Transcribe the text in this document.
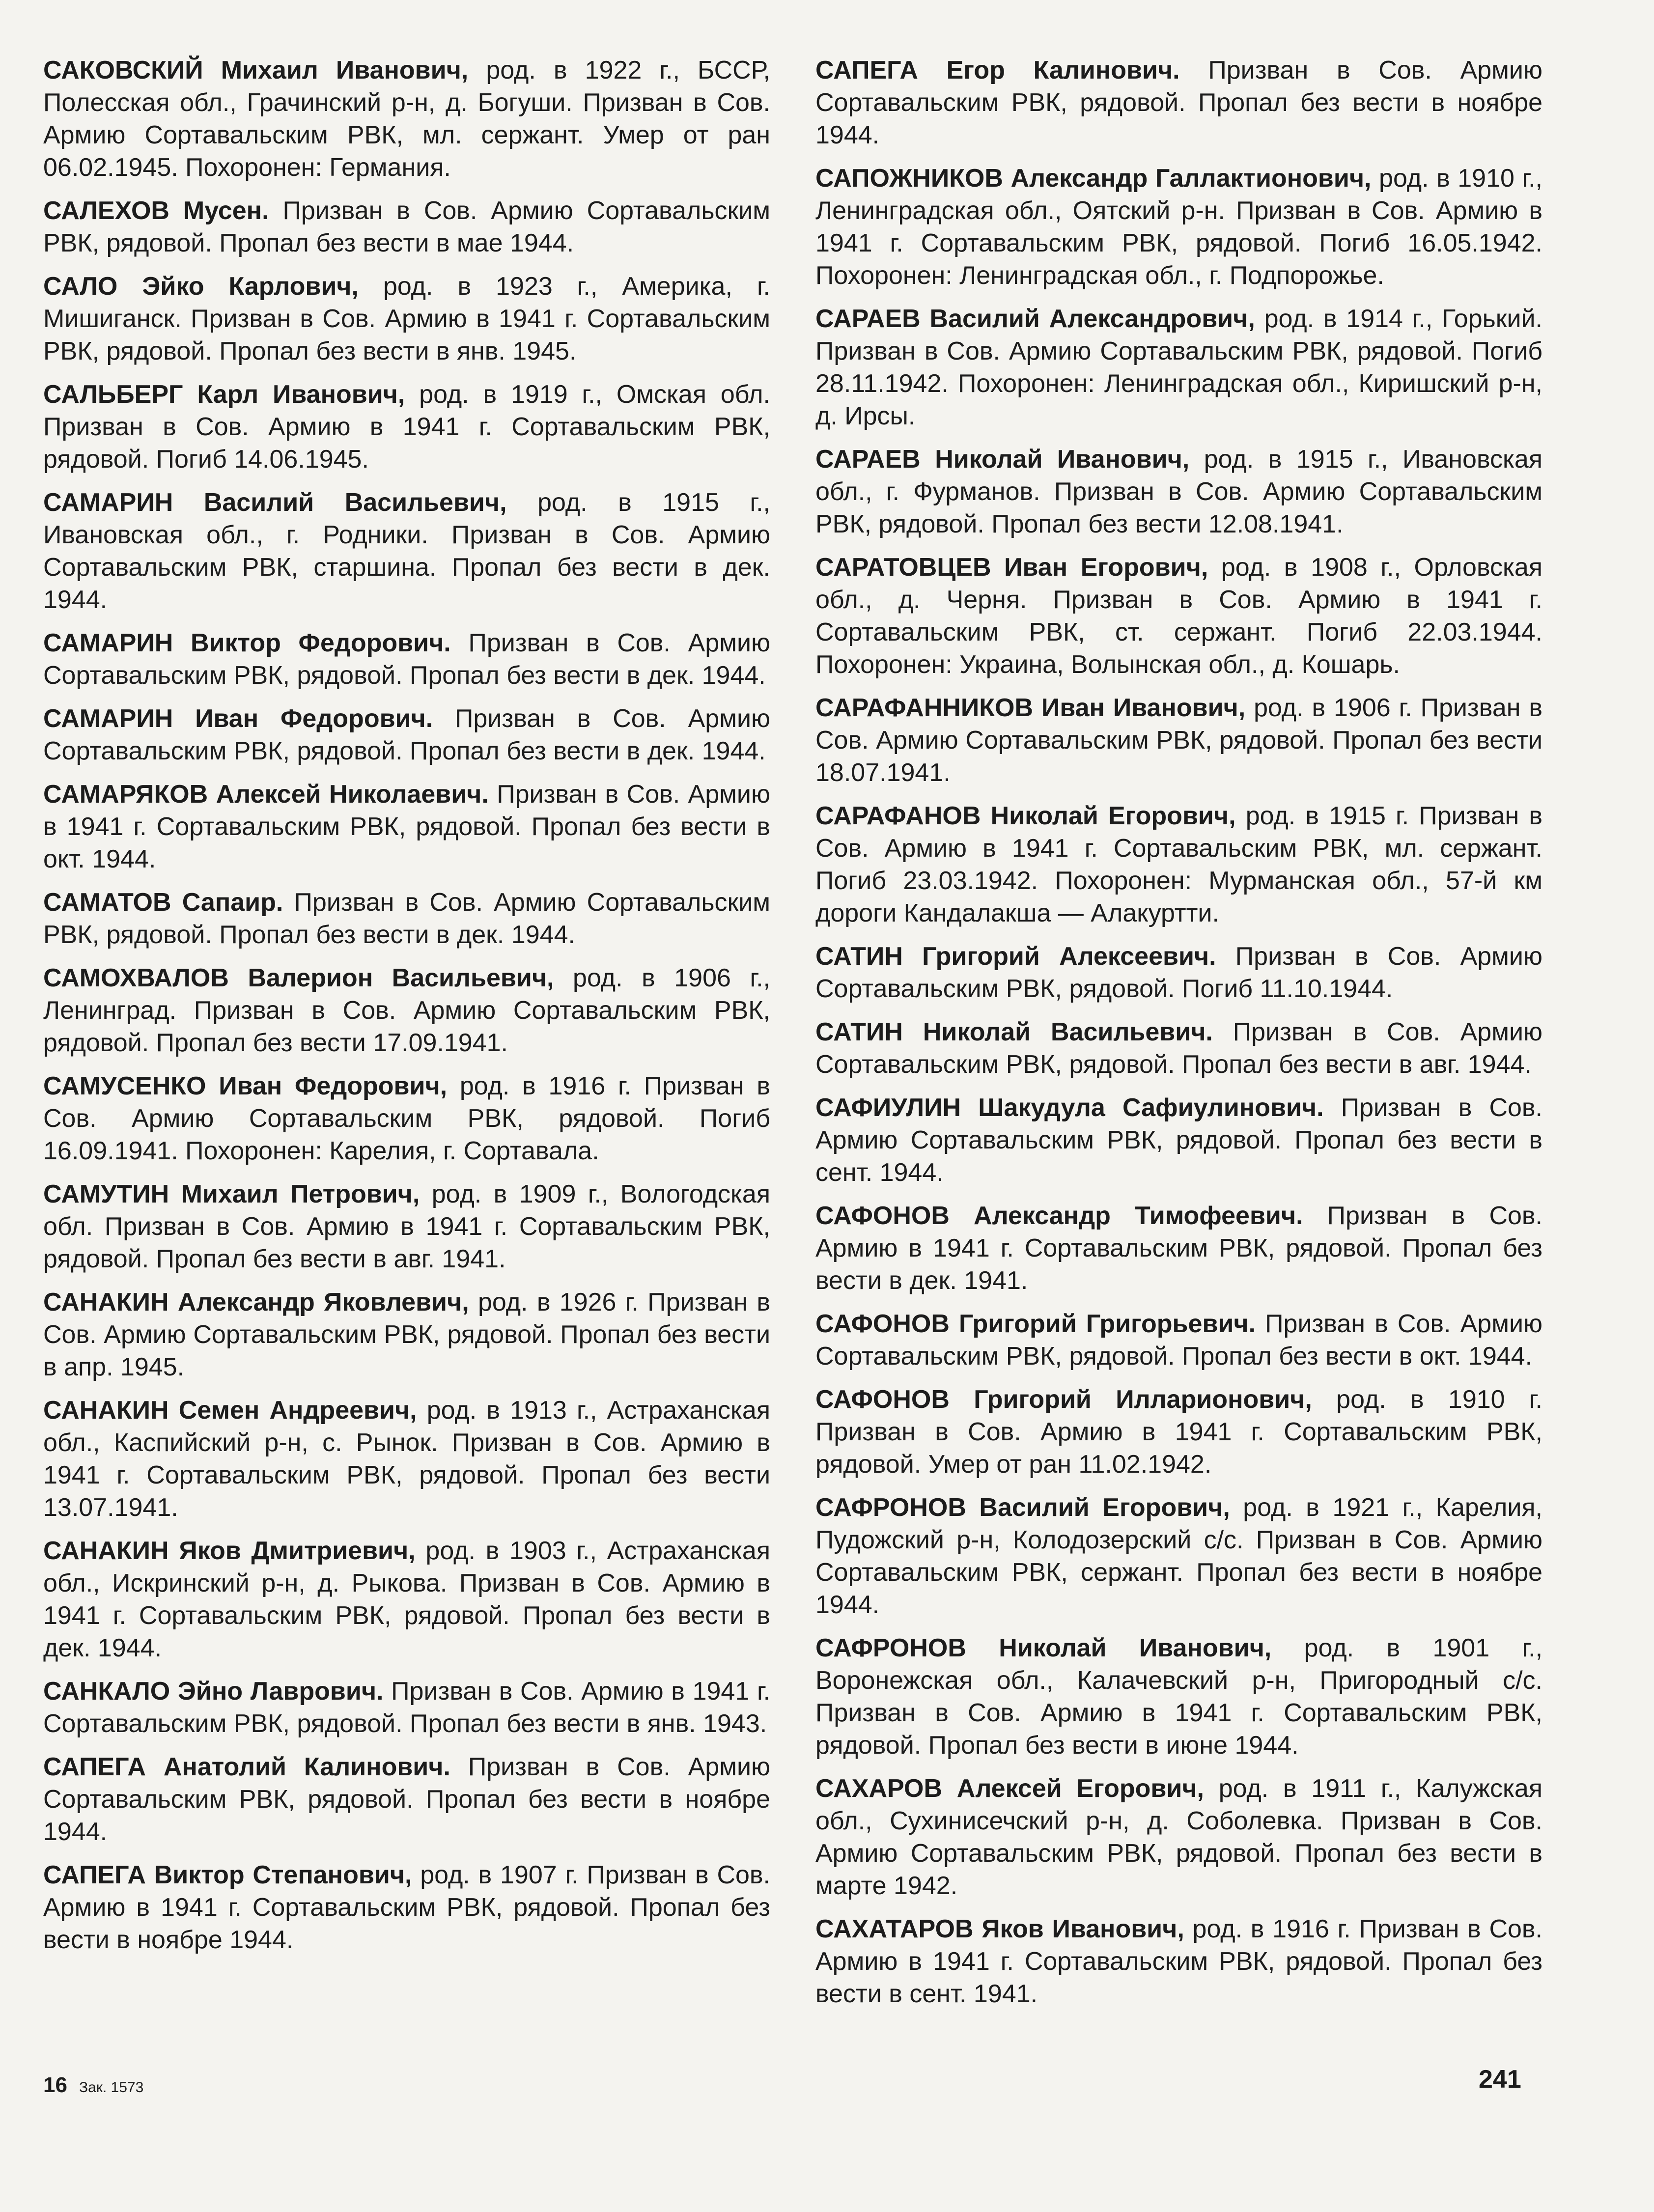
САКОВСКИЙ Михаил Иванович, род. в 1922 г., БССР, Полесская обл., Грачинский р-н, д. Богуши. Призван в Сов. Армию Сортавальским РВК, мл. сержант. Умер от ран 06.02.1945. Похоронен: Германия.

САЛЕХОВ Мусен. Призван в Сов. Армию Сортавальским РВК, рядовой. Пропал без вести в мае 1944.

САЛО Эйко Карлович, род. в 1923 г., Америка, г. Мишиганск. Призван в Сов. Армию в 1941 г. Сортавальским РВК, рядовой. Пропал без вести в янв. 1945.

САЛЬБЕРГ Карл Иванович, род. в 1919 г., Омская обл. Призван в Сов. Армию в 1941 г. Сортавальским РВК, рядовой. Погиб 14.06.1945.

САМАРИН Василий Васильевич, род. в 1915 г., Ивановская обл., г. Родники. Призван в Сов. Армию Сортавальским РВК, старшина. Пропал без вести в дек. 1944.

САМАРИН Виктор Федорович. Призван в Сов. Армию Сортавальским РВК, рядовой. Пропал без вести в дек. 1944.

САМАРИН Иван Федорович. Призван в Сов. Армию Сортавальским РВК, рядовой. Пропал без вести в дек. 1944.

САМАРЯКОВ Алексей Николаевич. Призван в Сов. Армию в 1941 г. Сортавальским РВК, рядовой. Пропал без вести в окт. 1944.

САМАТОВ Сапаир. Призван в Сов. Армию Сортавальским РВК, рядовой. Пропал без вести в дек. 1944.

САМОХВАЛОВ Валерион Васильевич, род. в 1906 г., Ленинград. Призван в Сов. Армию Сортавальским РВК, рядовой. Пропал без вести 17.09.1941.

САМУСЕНКО Иван Федорович, род. в 1916 г. Призван в Сов. Армию Сортавальским РВК, рядовой. Погиб 16.09.1941. Похоронен: Карелия, г. Сортавала.

САМУТИН Михаил Петрович, род. в 1909 г., Вологодская обл. Призван в Сов. Армию в 1941 г. Сортавальским РВК, рядовой. Пропал без вести в авг. 1941.

САНАКИН Александр Яковлевич, род. в 1926 г. Призван в Сов. Армию Сортавальским РВК, рядовой. Пропал без вести в апр. 1945.

САНАКИН Семен Андреевич, род. в 1913 г., Астраханская обл., Каспийский р-н, с. Рынок. Призван в Сов. Армию в 1941 г. Сортавальским РВК, рядовой. Пропал без вести 13.07.1941.

САНАКИН Яков Дмитриевич, род. в 1903 г., Астраханская обл., Искринский р-н, д. Рыкова. Призван в Сов. Армию в 1941 г. Сортавальским РВК, рядовой. Пропал без вести в дек. 1944.

САНКАЛО Эйно Лаврович. Призван в Сов. Армию в 1941 г. Сортавальским РВК, рядовой. Пропал без вести в янв. 1943.

САПЕГА Анатолий Калинович. Призван в Сов. Армию Сортавальским РВК, рядовой. Пропал без вести в ноябре 1944.

САПЕГА Виктор Степанович, род. в 1907 г. Призван в Сов. Армию в 1941 г. Сортавальским РВК, рядовой. Пропал без вести в ноябре 1944.

САПЕГА Егор Калинович. Призван в Сов. Армию Сортавальским РВК, рядовой. Пропал без вести в ноябре 1944.

САПОЖНИКОВ Александр Галлактионович, род. в 1910 г., Ленинградская обл., Оятский р-н. Призван в Сов. Армию в 1941 г. Сортавальским РВК, рядовой. Погиб 16.05.1942. Похоронен: Ленинградская обл., г. Подпорожье.

САРАЕВ Василий Александрович, род. в 1914 г., Горький. Призван в Сов. Армию Сортавальским РВК, рядовой. Погиб 28.11.1942. Похоронен: Ленинградская обл., Киришский р-н, д. Ирсы.

САРАЕВ Николай Иванович, род. в 1915 г., Ивановская обл., г. Фурманов. Призван в Сов. Армию Сортавальским РВК, рядовой. Пропал без вести 12.08.1941.

САРАТОВЦЕВ Иван Егорович, род. в 1908 г., Орловская обл., д. Черня. Призван в Сов. Армию в 1941 г. Сортавальским РВК, ст. сержант. Погиб 22.03.1944. Похоронен: Украина, Волынская обл., д. Кошарь.

САРАФАННИКОВ Иван Иванович, род. в 1906 г. Призван в Сов. Армию Сортавальским РВК, рядовой. Пропал без вести 18.07.1941.

САРАФАНОВ Николай Егорович, род. в 1915 г. Призван в Сов. Армию в 1941 г. Сортавальским РВК, мл. сержант. Погиб 23.03.1942. Похоронен: Мурманская обл., 57-й км дороги Кандалакша — Алакуртти.

САТИН Григорий Алексеевич. Призван в Сов. Армию Сортавальским РВК, рядовой. Погиб 11.10.1944.

САТИН Николай Васильевич. Призван в Сов. Армию Сортавальским РВК, рядовой. Пропал без вести в авг. 1944.

САФИУЛИН Шакудула Сафиулинович. Призван в Сов. Армию Сортавальским РВК, рядовой. Пропал без вести в сент. 1944.

САФОНОВ Александр Тимофеевич. Призван в Сов. Армию в 1941 г. Сортавальским РВК, рядовой. Пропал без вести в дек. 1941.

САФОНОВ Григорий Григорьевич. Призван в Сов. Армию Сортавальским РВК, рядовой. Пропал без вести в окт. 1944.

САФОНОВ Григорий Илларионович, род. в 1910 г. Призван в Сов. Армию в 1941 г. Сортавальским РВК, рядовой. Умер от ран 11.02.1942.

САФРОНОВ Василий Егорович, род. в 1921 г., Карелия, Пудожский р-н, Колодозерский с/с. Призван в Сов. Армию Сортавальским РВК, сержант. Пропал без вести в ноябре 1944.

САФРОНОВ Николай Иванович, род. в 1901 г., Воронежская обл., Калачевский р-н, Пригородный с/с. Призван в Сов. Армию в 1941 г. Сортавальским РВК, рядовой. Пропал без вести в июне 1944.

САХАРОВ Алексей Егорович, род. в 1911 г., Калужская обл., Сухинисечский р-н, д. Соболевка. Призван в Сов. Армию Сортавальским РВК, рядовой. Пропал без вести в марте 1942.

САХАТАРОВ Яков Иванович, род. в 1916 г. Призван в Сов. Армию в 1941 г. Сортавальским РВК, рядовой. Пропал без вести в сент. 1941.

16 Зак. 1573	241
